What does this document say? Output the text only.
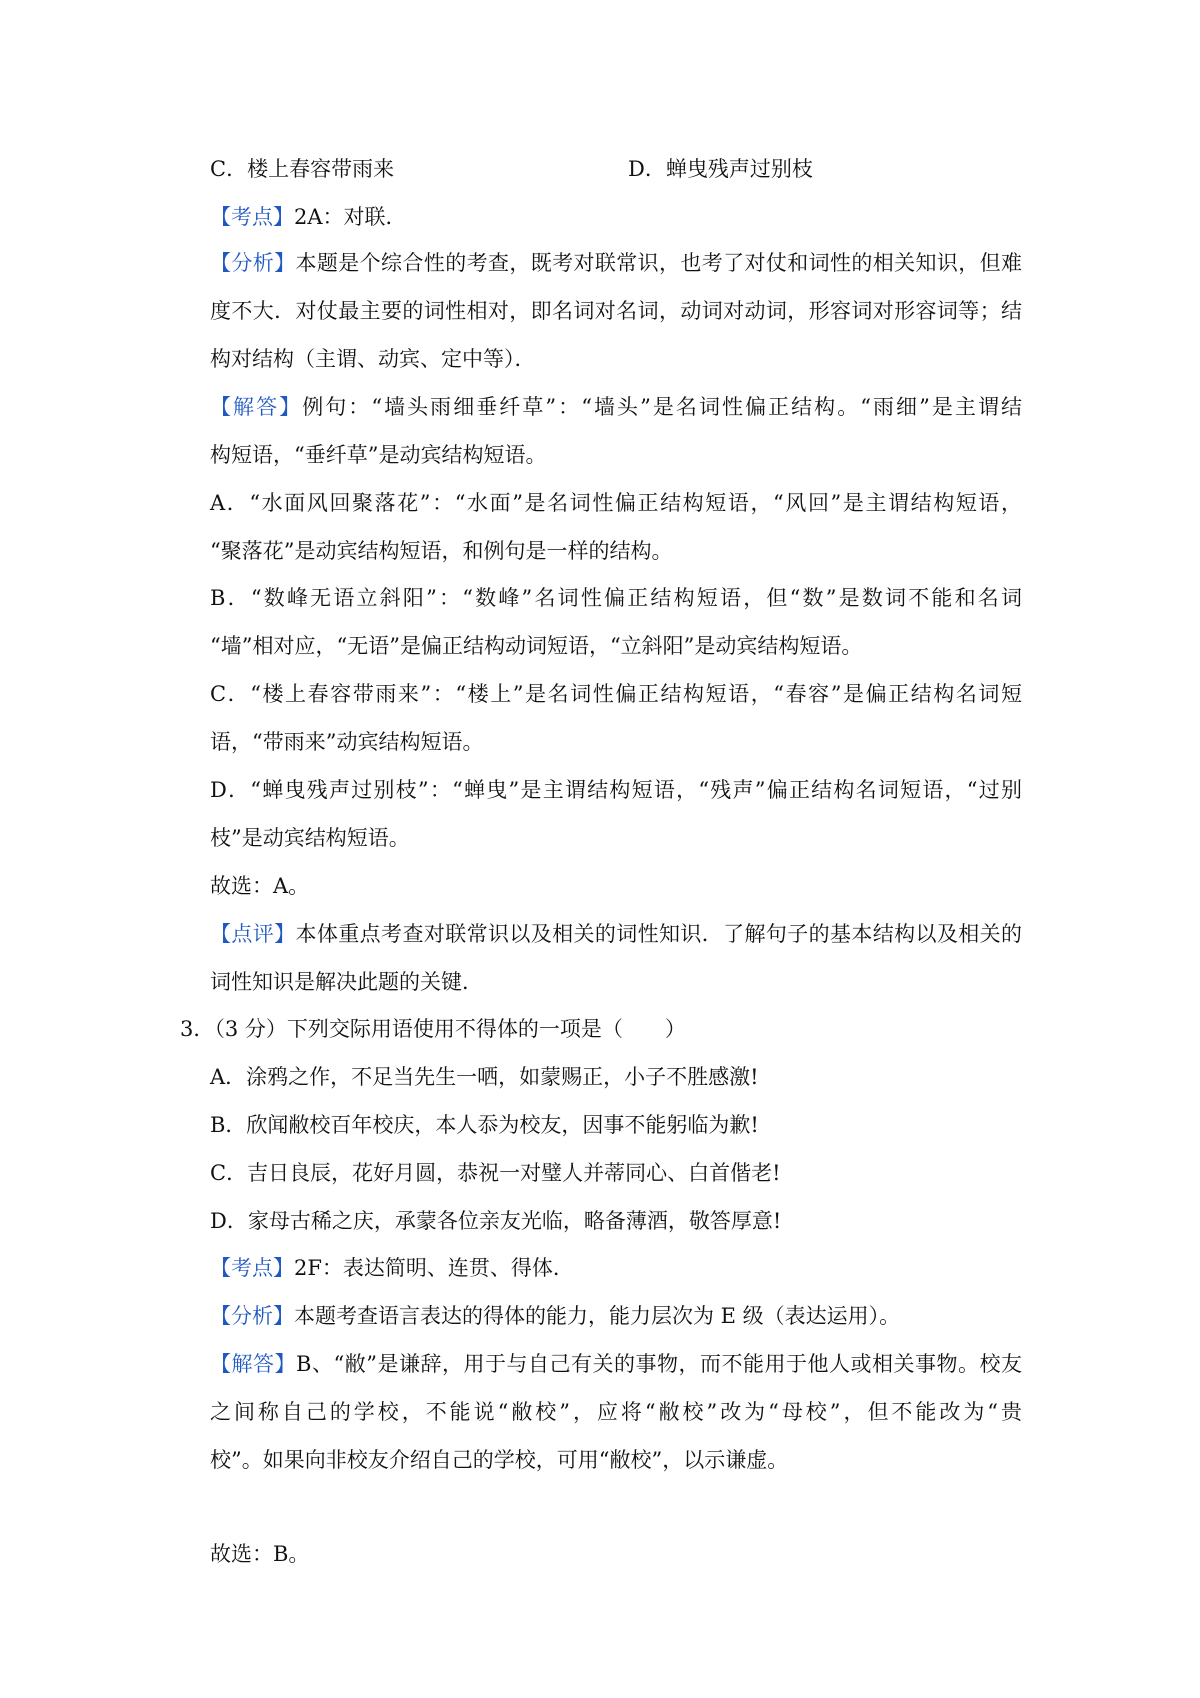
C．楼上春容带雨来	D．蝉曳残声过别枝
【考点】2A：对联．
【分析】本题是个综合性的考查，既考对联常识，也考了对仗和词性的相关知识，但难
度不大．对仗最主要的词性相对，即名词对名词，动词对动词，形容词对形容词等；结
构对结构（主谓、动宾、定中等）．
【解答】例句：“墙头雨细垂纤草”：“墙头”是名词性偏正结构。“雨细”是主谓结
构短语，“垂纤草”是动宾结构短语。
A．“水面风回聚落花”：“水面”是名词性偏正结构短语，“风回”是主谓结构短语，
“聚落花”是动宾结构短语，和例句是一样的结构。
B．“数峰无语立斜阳”：“数峰”名词性偏正结构短语，但“数”是数词不能和名词
“墙”相对应，“无语”是偏正结构动词短语，“立斜阳”是动宾结构短语。
C．“楼上春容带雨来”：“楼上”是名词性偏正结构短语，“春容”是偏正结构名词短
语，“带雨来”动宾结构短语。
D．“蝉曳残声过别枝”：“蝉曳”是主谓结构短语，“残声”偏正结构名词短语，“过别
枝”是动宾结构短语。
故选：A。
【点评】本体重点考查对联常识以及相关的词性知识．了解句子的基本结构以及相关的
词性知识是解决此题的关键．
3．（3 分）下列交际用语使用不得体的一项是（　　）
A．涂鸦之作，不足当先生一哂，如蒙赐正，小子不胜感激!
B．欣闻敝校百年校庆，本人忝为校友，因事不能躬临为歉!
C．吉日良辰，花好月圆，恭祝一对璧人并蒂同心、白首偕老!
D．家母古稀之庆，承蒙各位亲友光临，略备薄酒，敬答厚意!
【考点】2F：表达简明、连贯、得体．
【分析】本题考查语言表达的得体的能力，能力层次为 E 级（表达运用）。
【解答】B、“敝”是谦辞，用于与自己有关的事物，而不能用于他人或相关事物。校友
之间称自己的学校，不能说“敝校”，应将“敝校”改为“母校”，但不能改为“贵
校”。如果向非校友介绍自己的学校，可用“敝校”，以示谦虚。
故选：B。
